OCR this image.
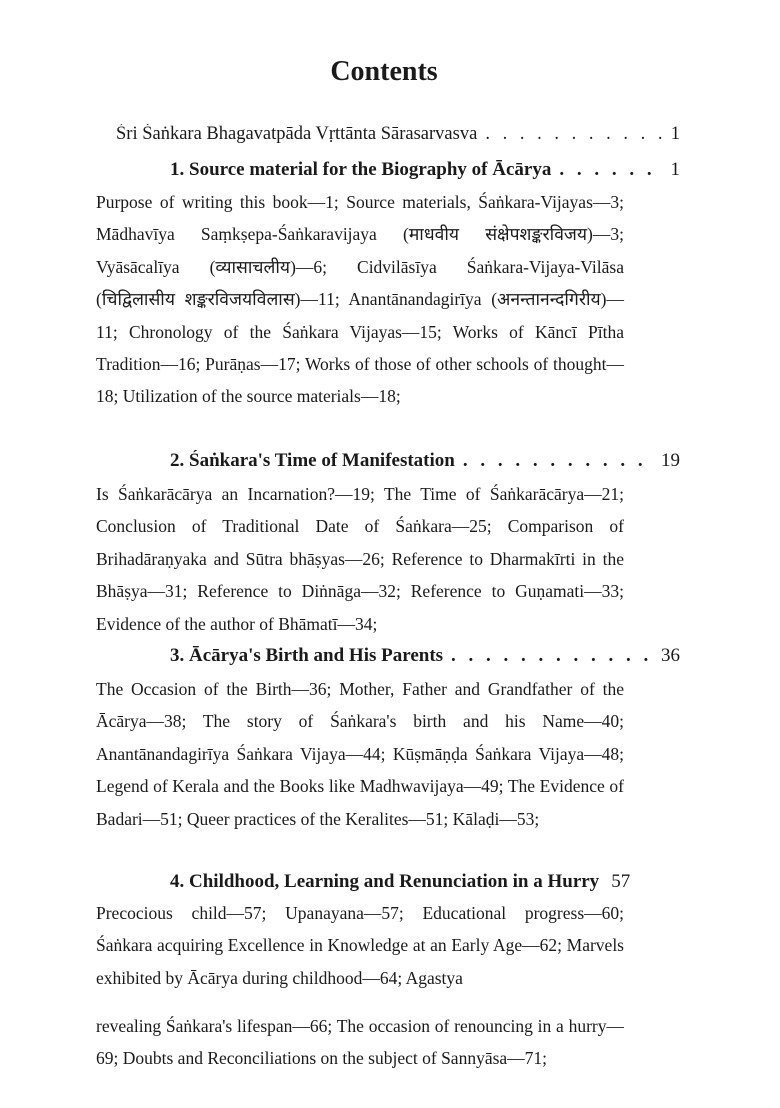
Contents
Śri Śaṅkara Bhagavatpāda Vṛttānta Sārasarvasva . . .	1
1. Source material for the Biography of Ācārya . . .	1

Purpose of writing this book—1; Source materials, Śaṅkara-Vijayas—3; Mādhavīya Saṃkṣepa-Śaṅkaravijaya (माधवीय संक्षेपशङ्करविजय)—3; Vyāsācalīya (व्यासाचलीय)—6; Cidvilāsīya Śaṅkara-Vijaya-Vilāsa (चिद्विलासीय शङ्करविजयविलास)—11; Anantānandagirīya (अनन्तानन्दगिरीय)—11; Chronology of the Śaṅkara Vijayas—15; Works of Kāncī Pītha Tradition—16; Purāṇas—17; Works of those of other schools of thought—18; Utilization of the source materials—18;

2. Śaṅkara's Time of Manifestation . . .	19

Is Śaṅkarācārya an Incarnation?—19; The Time of Śaṅkarācārya—21; Conclusion of Traditional Date of Śaṅkara—25; Comparison of Brihadāraṇyaka and Sūtra bhāṣyas—26; Reference to Dharmakīrti in the Bhāṣya—31; Reference to Diṅnāga—32; Reference to Guṇamati—33; Evidence of the author of Bhāmatī—34;

3. Ācārya's Birth and His Parents . . .	36

The Occasion of the Birth—36; Mother, Father and Grandfather of the Ācārya—38; The story of Śaṅkara's birth and his Name—40; Anantānandagirīya Śaṅkara Vijaya—44; Kūṣmāṇḍa Śaṅkara Vijaya—48; Legend of Kerala and the Books like Madhwavijaya—49; The Evidence of Badari—51; Queer practices of the Keralites—51; Kālaḍi—53;

4. Childhood, Learning and Renunciation in a Hurry 57

Precocious child—57; Upanayana—57; Educational progress—60; Śaṅkara acquiring Excellence in Knowledge at an Early Age—62; Marvels exhibited by Ācārya during childhood—64; Agastya

revealing Śaṅkara's lifespan—66; The occasion of renouncing in a hurry—69; Doubts and Reconciliations on the subject of Sannyāsa—71;
